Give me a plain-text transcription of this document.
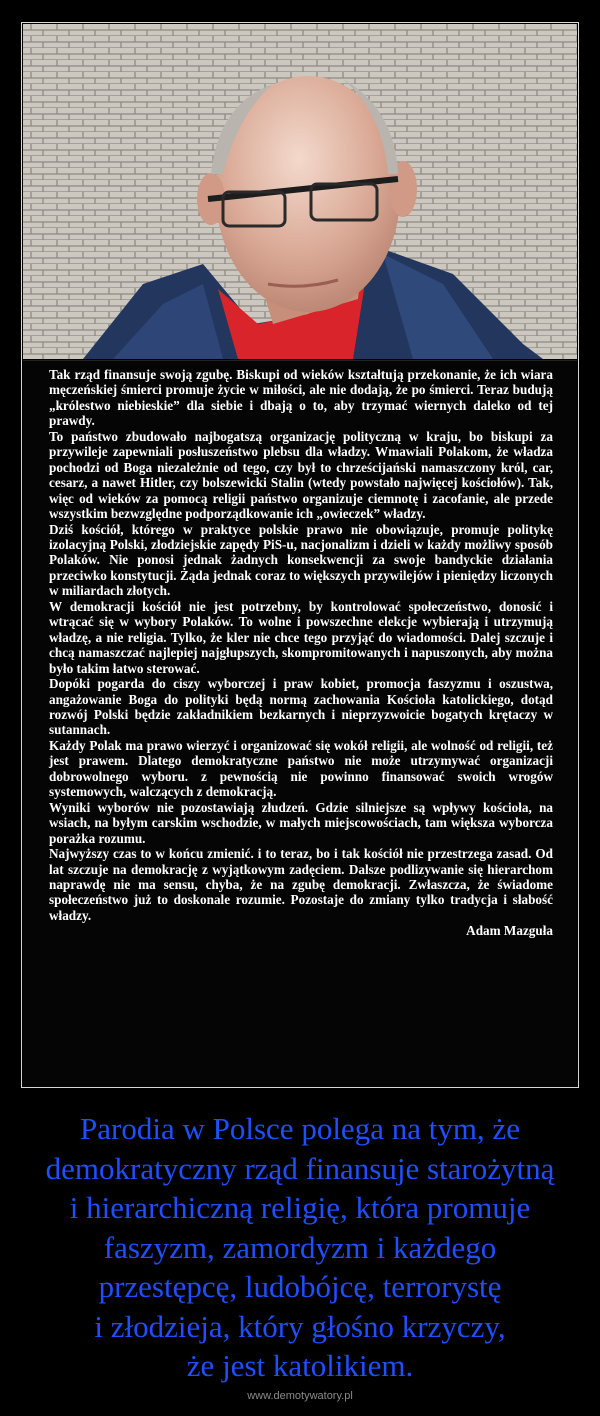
Tak rząd finansuje swoją zgubę. Biskupi od wieków kształtują przekonanie, że ich wiara męczeńskiej śmierci promuje życie w miłości, ale nie dodają, że po śmierci. Teraz budują „królestwo niebieskie” dla siebie i dbają o to, aby trzymać wiernych daleko od tej prawdy.

To państwo zbudowało najbogatszą organizację polityczną w kraju, bo biskupi za przywileje zapewniali posłuszeństwo plebsu dla władzy. Wmawiali Polakom, że władza pochodzi od Boga niezależnie od tego, czy był to chrześcijański namaszczony król, car, cesarz, a nawet Hitler, czy bolszewicki Stalin (wtedy powstało najwięcej kościołów). Tak, więc od wieków za pomocą religii państwo organizuje ciemnotę i zacofanie, ale przede wszystkim bezwzględne podporządkowanie ich „owieczek” władzy.

Dziś kościół, którego w praktyce polskie prawo nie obowiązuje, promuje politykę izolacyjną Polski, złodziejskie zapędy PiS-u, nacjonalizm i dzieli w każdy możliwy sposób Polaków. Nie ponosi jednak żadnych konsekwencji za swoje bandyckie działania przeciwko konstytucji. Żąda jednak coraz to większych przywilejów i pieniędzy liczonych w miliardach złotych.

W demokracji kościół nie jest potrzebny, by kontrolować społeczeństwo, donosić i wtrącać się w wybory Polaków. To wolne i powszechne elekcje wybierają i utrzymują władzę, a nie religia. Tylko, że kler nie chce tego przyjąć do wiadomości. Dalej szczuje i chcą namaszczać najlepiej najgłupszych, skompromitowanych i napuszonych, aby można było takim łatwo sterować.

Dopóki pogarda do ciszy wyborczej i praw kobiet, promocja faszyzmu i oszustwa, angażowanie Boga do polityki będą normą zachowania Kościoła katolickiego, dotąd rozwój Polski będzie zakładnikiem bezkarnych i nieprzyzwoicie bogatych krętaczy w sutannach.

Każdy Polak ma prawo wierzyć i organizować się wokół religii, ale wolność od religii, też jest prawem. Dlatego demokratyczne państwo nie może utrzymywać organizacji dobrowolnego wyboru. z pewnością nie powinno finansować swoich wrogów systemowych, walczących z demokracją.

Wyniki wyborów nie pozostawiają złudzeń. Gdzie silniejsze są wpływy kościoła, na wsiach, na byłym carskim wschodzie, w małych miejscowościach, tam większa wyborcza porażka rozumu.

Najwyższy czas to w końcu zmienić. i to teraz, bo i tak kościół nie przestrzega zasad. Od lat szczuje na demokrację z wyjątkowym zadęciem. Dalsze podlizywanie się hierarchom naprawdę nie ma sensu, chyba, że na zgubę demokracji. Zwłaszcza, że świadome społeczeństwo już to doskonale rozumie. Pozostaje do zmiany tylko tradycja i słabość władzy.

Adam Mazguła

Parodia w Polsce polega na tym, że
demokratyczny rząd finansuje starożytną
i hierarchiczną religię, która promuje
faszyzm, zamordyzm i każdego
przestępcę, ludobójcę, terrorystę
i złodzieja, który głośno krzyczy,
że jest katolikiem.
www.demotywatory.pl
